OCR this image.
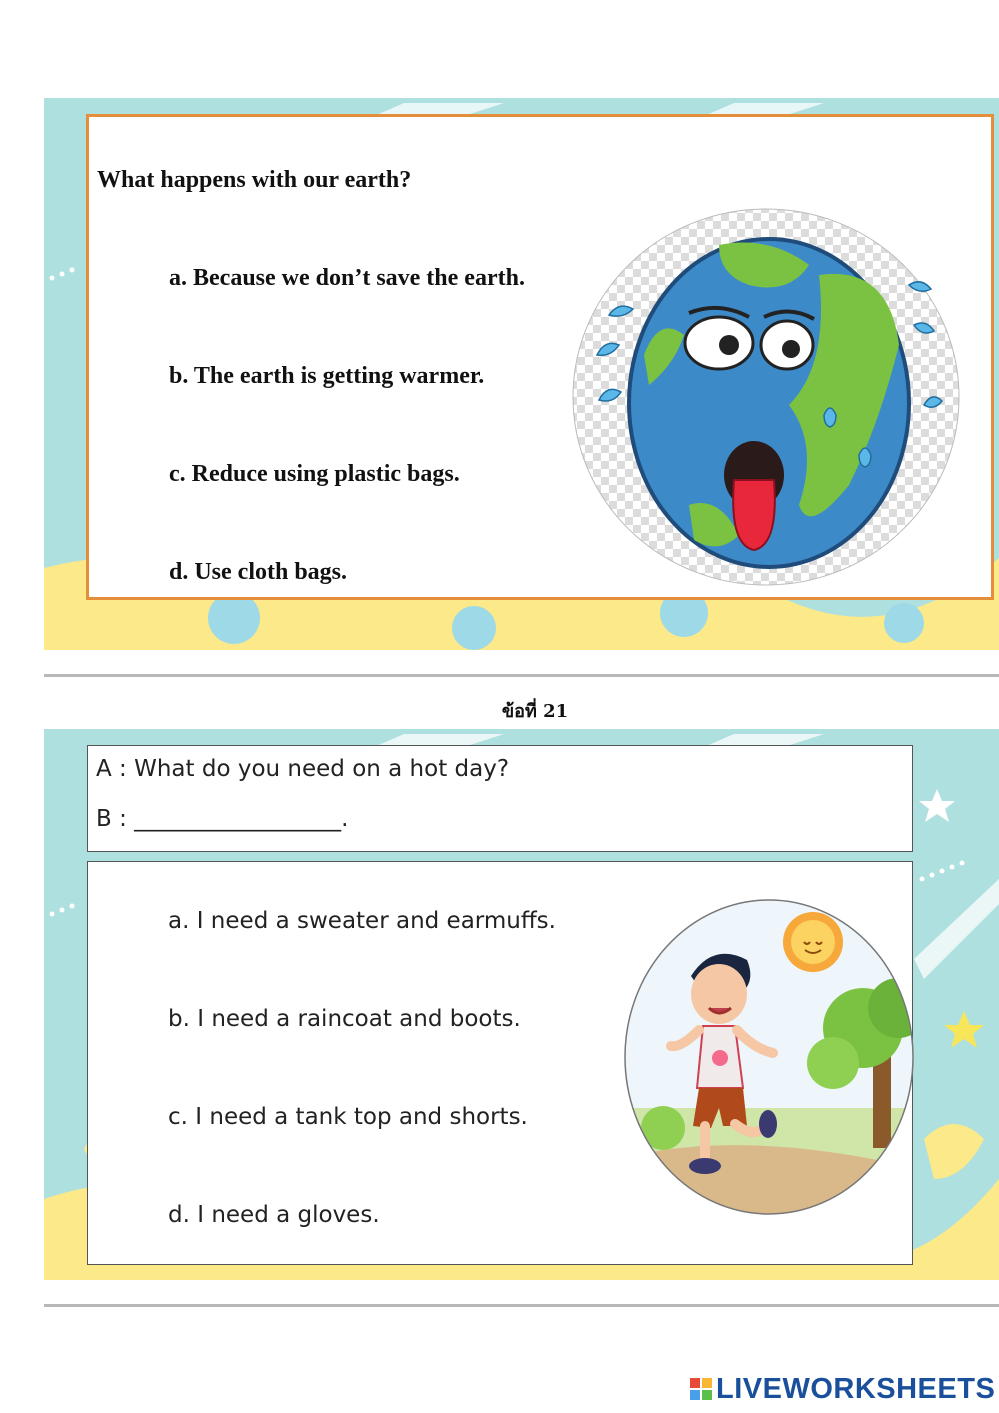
What happens with our earth?
a. Because we don’t save the earth.
b. The earth is getting warmer.
c. Reduce using plastic bags.
d. Use cloth bags.
ข้อที่ 21
A : What do you need on a hot day?
B : __________________.
a. I need a sweater and earmuffs.
b. I need a raincoat and boots.
c. I need a tank top and shorts.
d. I need a gloves.
LIVEWORKSHEETS
